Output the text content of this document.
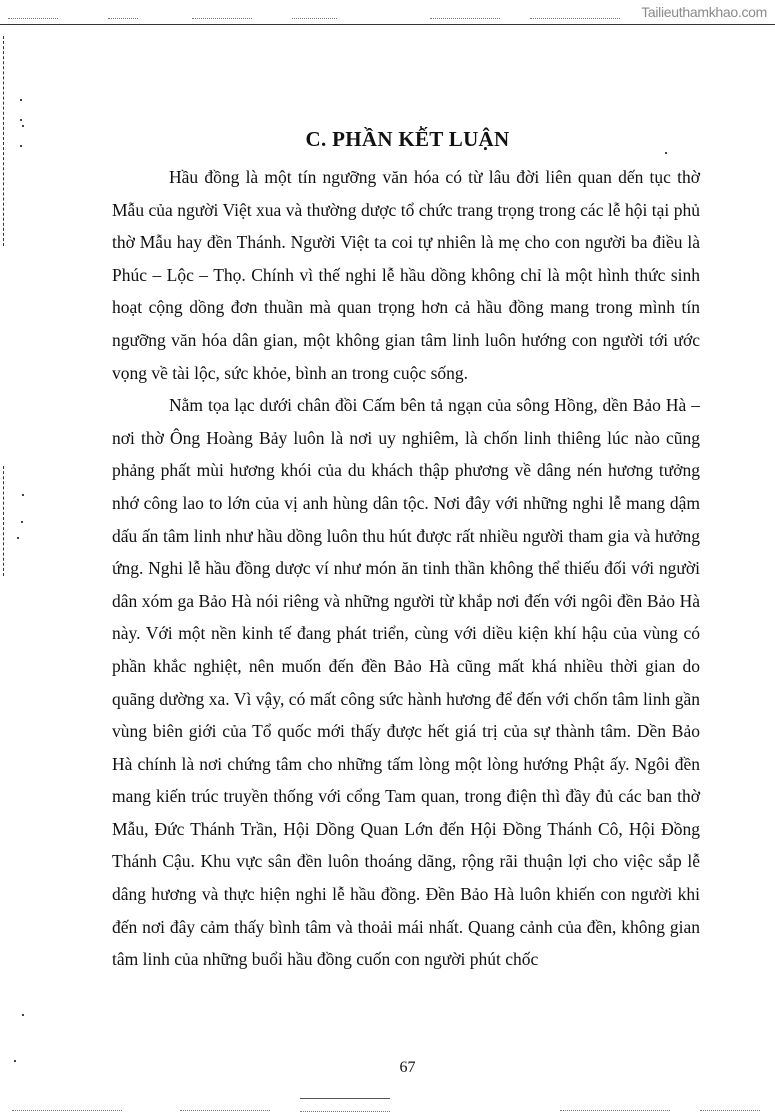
Tailieuthamkhao.com
C. PHẦN KẾT LUẬN

Hầu đồng là một tín ngưỡng văn hóa có từ lâu đời liên quan dến tục thờ Mẫu của người Việt xua và thường dược tổ chức trang trọng trong các lễ hội tại phủ thờ Mẫu hay đền Thánh. Người Việt ta coi tự nhiên là mẹ cho con người ba điều là Phúc – Lộc – Thọ. Chính vì thế nghi lễ hầu dồng không chỉ là một hình thức sinh hoạt cộng dồng đơn thuần mà quan trọng hơn cả hầu đồng mang trong mình tín ngưỡng văn hóa dân gian, một không gian tâm linh luôn hướng con người tới ước vọng về tài lộc, sức khỏe, bình an trong cuộc sống.

Nằm tọa lạc dưới chân đồi Cấm bên tả ngạn của sông Hồng, dền Bảo Hà – nơi thờ Ông Hoàng Bảy luôn là nơi uy nghiêm, là chốn linh thiêng lúc nào cũng phảng phất mùi hương khói của du khách thập phương về dâng nén hương tưởng nhớ công lao to lớn của vị anh hùng dân tộc. Nơi đây với những nghi lễ mang dậm dấu ấn tâm linh như hầu dồng luôn thu hút được rất nhiều người tham gia và hưởng ứng. Nghi lễ hầu đồng dược ví như món ăn tinh thần không thể thiếu đối với người dân xóm ga Bảo Hà nói riêng và những người từ khắp nơi đến với ngôi đền Bảo Hà này. Với một nền kinh tế đang phát triển, cùng với diều kiện khí hậu của vùng có phần khắc nghiệt, nên muốn đến đền Bảo Hà cũng mất khá nhiều thời gian do quãng dường xa. Vì vậy, có mất công sức hành hương để đến với chốn tâm linh gần vùng biên giới của Tổ quốc mới thấy được hết giá trị của sự thành tâm. Dền Bảo Hà chính là nơi chứng tâm cho những tấm lòng một lòng hướng Phật ấy. Ngôi đền mang kiến trúc truyền thống với cổng Tam quan, trong điện thì đầy đủ các ban thờ Mẫu, Đức Thánh Trần, Hội Dồng Quan Lớn đến Hội Đồng Thánh Cô, Hội Đồng Thánh Cậu. Khu vực sân đền luôn thoáng dãng, rộng rãi thuận lợi cho việc sắp lễ dâng hương và thực hiện nghi lễ hầu đồng. Đền Bảo Hà luôn khiến con người khi đến nơi đây cảm thấy bình tâm và thoải mái nhất. Quang cảnh của đền, không gian tâm linh của những buổi hầu đồng cuốn con người phút chốc

67
